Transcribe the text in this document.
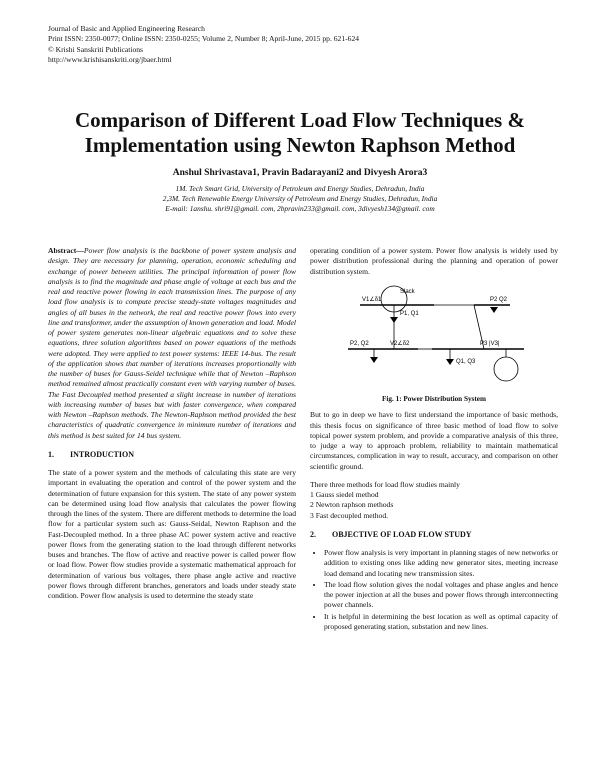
Journal of Basic and Applied Engineering Research
Print ISSN: 2350-0077; Online ISSN: 2350-0255; Volume 2, Number 8; April-June, 2015 pp. 621-624
© Krishi Sanskriti Publications
http://www.krishisanskriti.org/jbaer.html
Comparison of Different Load Flow Techniques &
Implementation using Newton Raphson Method
Anshul Shrivastava1, Pravin Badarayani2 and Divyesh Arora3
1M. Tech Smart Grid, University of Petroleum and Energy Studies, Dehradun, India
2,3M. Tech Renewable Energy University of Petroleum and Energy Studies, Dehradun, India
E-mail: 1anshu. shri91@gmail. com, 2bpravin233@gmail. com, 3divyesh134@gmail. com

Abstract—Power flow analysis is the backbone of power system analysis and design. They are necessary for planning, operation, economic scheduling and exchange of power between utilities. The principal information of power flow analysis is to find the magnitude and phase angle of voltage at each bus and the real and reactive power flowing in each transmission lines. The purpose of any load flow analysis is to compute precise steady-state voltages magnitudes and angles of all buses in the network, the real and reactive power flows into every line and transformer, under the assumption of known generation and load. Model of power system generates non-linear algebraic equations and to solve these equations, three solution algorithms based on power equations of the methods were adopted. They were applied to test power systems: IEEE 14-bus. The result of the application shows that number of iterations increases proportionally with the number of buses for Gauss-Seidel technique while that of Newton –Raphson method remained almost practically constant even with varying number of buses. The Fast Decoupled method presented a slight increase in number of iterations with increasing number of buses but with faster convergence, when compared with Newton –Raphson methods. The Newton-Raphson method provided the best characteristics of quadratic convergence in minimum number of iterations and this method is best suited for 14 bus system.

1. INTRODUCTION

The state of a power system and the methods of calculating this state are very important in evaluating the operation and control of the power system and the determination of future expansion for this system. The state of any power system can be determined using load flow analysis that calculates the power flowing through the lines of the system. There are different methods to determine the load flow for a particular system such as: Gauss-Seidal, Newton Raphson and the Fast-Decoupled method. In a three phase AC power system active and reactive power flows from the generating station to the load through different networks buses and branches. The flow of active and reactive power is called power flow or load flow. Power flow studies provide a systematic mathematical approach for determination of various bus voltages, there phase angle active and reactive power flows through different branches, generators and loads under steady state condition. Power flow analysis is used to determine the steady state

operating condition of a power system. Power flow analysis is widely used by power distribution professional during the planning and operation of power distribution system.

Slack
V1∠δ1
P1, Q1
P2 Q2
P2, Q2	V2∠δ2
Q1, Q3
P3 |V3|
Fig. 1: Power Distribution System

But to go in deep we have to first understand the importance of basic methods, this thesis focus on significance of three basic method of load flow to solve topical power system problem, and provide a comparative analysis of this three, to judge a way to approach problem, reliability to maintain mathematical circumstances, complication in way to result, accuracy, and comparison on other scientific ground.

There three methods for load flow studies mainly

1 Gauss siedel method

2 Newton raphson methods

3 Fast decoupled method.

2. OBJECTIVE OF LOAD FLOW STUDY
• Power flow analysis is very important in planning stages of new networks or addition to existing ones like adding new generator sites, meeting increase load demand and locating new transmission sites.
• The load flow solution gives the nodal voltages and phase angles and hence the power injection at all the buses and power flows through interconnecting power channels.
• It is helpful in determining the best location as well as optimal capacity of proposed generating station, substation and new lines.
